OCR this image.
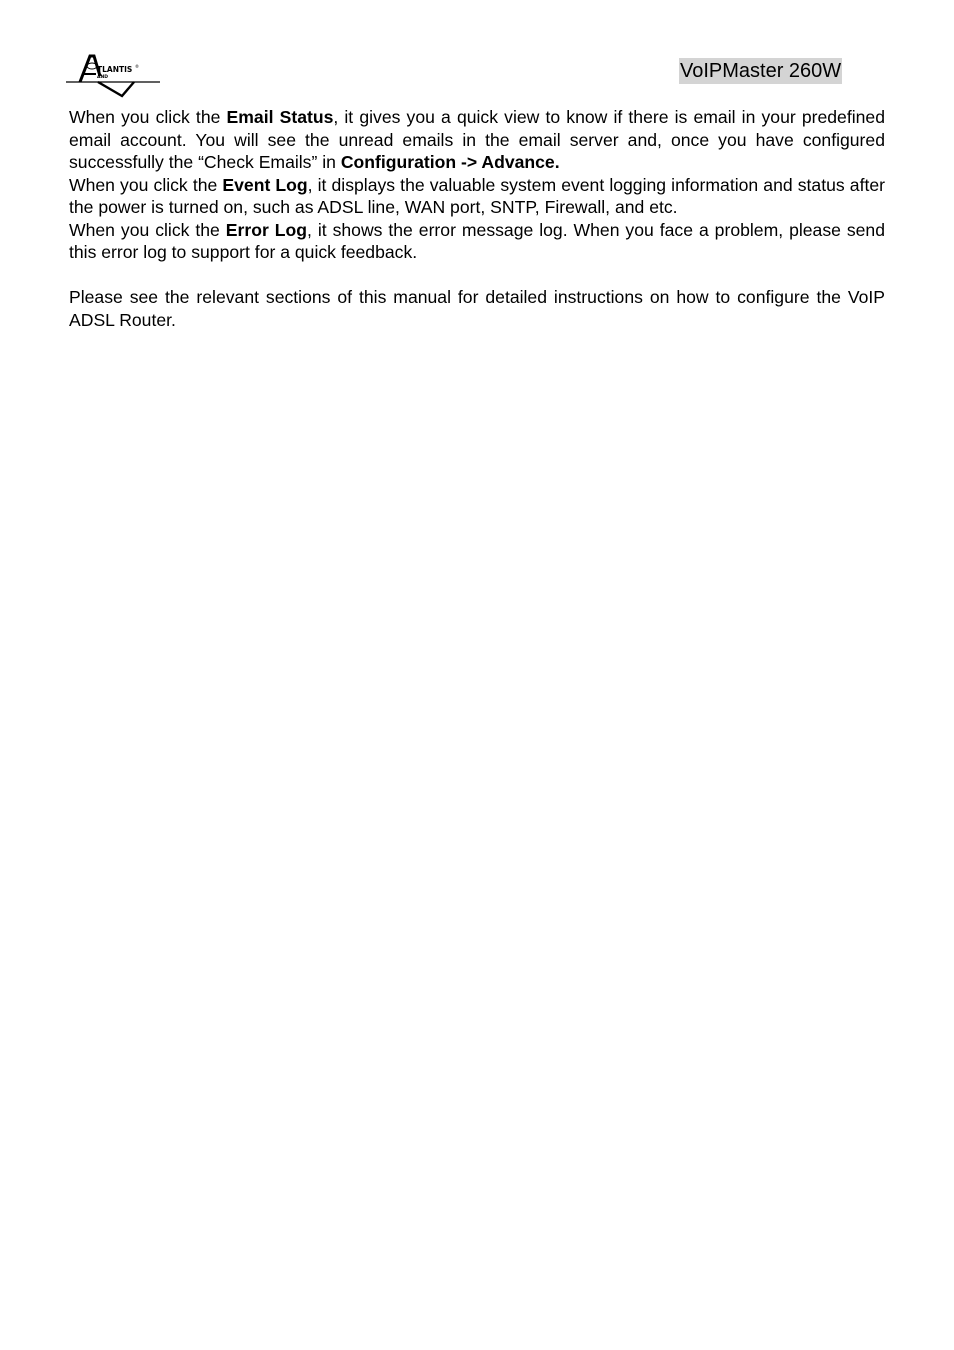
TLANTIS ®
AND	VoIPMaster 260W

When you click the Email Status, it gives you a quick view to know if there is email in your predefined email account. You will see the unread emails in the email server and, once you have configured successfully the “Check Emails” in Configuration -> Advance.

When you click the Event Log, it displays the valuable system event logging information and status after the power is turned on, such as ADSL line, WAN port, SNTP, Firewall, and etc.

When you click the Error Log, it shows the error message log. When you face a problem, please send this error log to support for a quick feedback.

Please see the relevant sections of this manual for detailed instructions on how to configure the VoIP ADSL Router.
